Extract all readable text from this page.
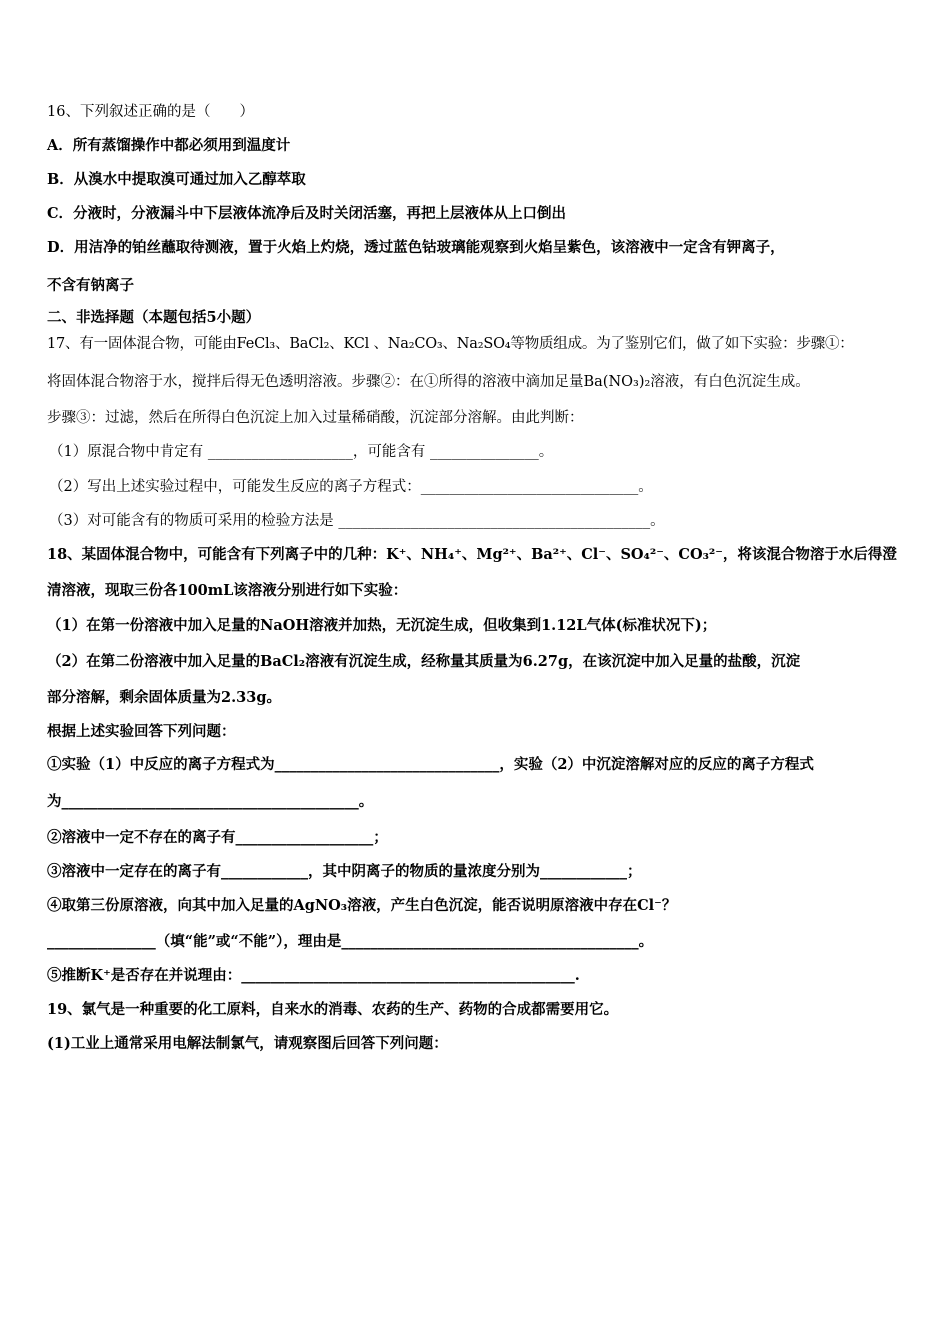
16、下列叙述正确的是（　　）
A．所有蒸馏操作中都必须用到温度计
B．从溴水中提取溴可通过加入乙醇萃取
C．分液时，分液漏斗中下层液体流净后及时关闭活塞，再把上层液体从上口倒出
D．用洁净的铂丝蘸取待测液，置于火焰上灼烧，透过蓝色钴玻璃能观察到火焰呈紫色，该溶液中一定含有钾离子，
不含有钠离子
二、非选择题（本题包括5小题）
17、有一固体混合物，可能由FeCl₃、BaCl₂、KCl 、Na₂CO₃、Na₂SO₄等物质组成。为了鉴别它们，做了如下实验：步骤①：
将固体混合物溶于水，搅拌后得无色透明溶液。步骤②：在①所得的溶液中滴加足量Ba(NO₃)₂溶液，有白色沉淀生成。
步骤③：过滤，然后在所得白色沉淀上加入过量稀硝酸，沉淀部分溶解。由此判断：
（1）原混合物中肯定有 ____________________，可能含有 _______________。
（2）写出上述实验过程中，可能发生反应的离子方程式：______________________________。
（3）对可能含有的物质可采用的检验方法是 ___________________________________________。
18、某固体混合物中，可能含有下列离子中的几种：K⁺、NH₄⁺、Mg²⁺、Ba²⁺、Cl⁻、SO₄²⁻、CO₃²⁻，将该混合物溶于水后得澄
清溶液，现取三份各100mL该溶液分别进行如下实验：
（1）在第一份溶液中加入足量的NaOH溶液并加热，无沉淀生成，但收集到1.12L气体(标准状况下)；
（2）在第二份溶液中加入足量的BaCl₂溶液有沉淀生成，经称量其质量为6.27g，在该沉淀中加入足量的盐酸，沉淀
部分溶解，剩余固体质量为2.33g。
根据上述实验回答下列问题：
①实验（1）中反应的离子方程式为_______________________________，实验（2）中沉淀溶解对应的反应的离子方程式
为_________________________________________。
②溶液中一定不存在的离子有___________________；
③溶液中一定存在的离子有____________，其中阴离子的物质的量浓度分别为____________；
④取第三份原溶液，向其中加入足量的AgNO₃溶液，产生白色沉淀，能否说明原溶液中存在Cl⁻？
_______________（填“能”或“不能”），理由是_________________________________________。
⑤推断K⁺是否存在并说理由：______________________________________________.
19、氯气是一种重要的化工原料，自来水的消毒、农药的生产、药物的合成都需要用它。
(1)工业上通常采用电解法制氯气，请观察图后回答下列问题：
